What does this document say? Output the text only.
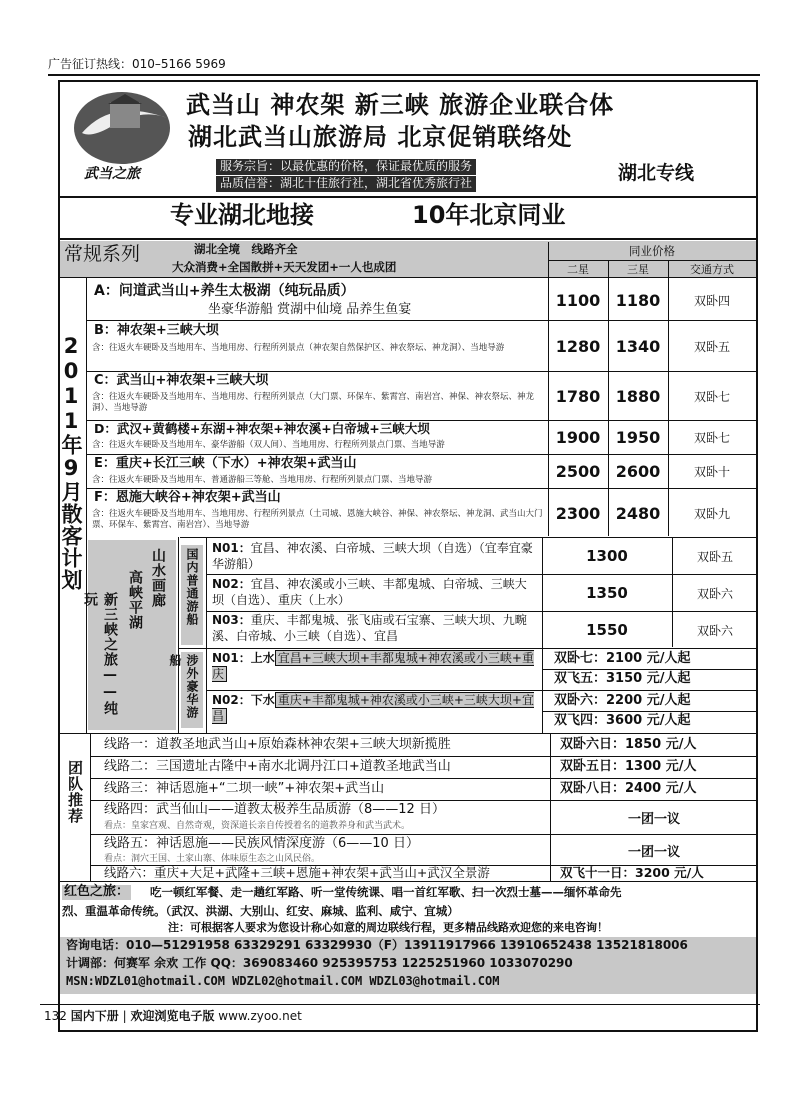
广告征订热线：010–5166 5969
武当之旅
武当山 神农架 新三峡 旅游企业联合体
湖北武当山旅游局 北京促销联络处
服务宗旨：以最优惠的价格，保证最优质的服务
品质信誉：湖北十佳旅行社，湖北省优秀旅行社	湖北专线
专业湖北地接	10年北京同业
常规系列	湖北全境　线路齐全
大众消费+全国散拼+天天发团+一人也成团
同业价格
二星	三星	交通方式
2011年9月散客计划
A：问道武当山+养生太极湖（纯玩品质）
坐豪华游船 赏湖中仙境 品养生鱼宴	1100 1180	双卧四
B：神农架+三峡大坝
含：往返火车硬卧及当地用车、当地用房、行程所列景点（神农架自然保护区、神农祭坛、神龙洞）、当地导游	1280 1340	双卧五
C：武当山+神农架+三峡大坝
含：往返火车硬卧及当地用车、当地用房、行程所列景点（大门票、环保车、紫霄宫、南岩宫、神保、神农祭坛、神龙洞）、当地导游
1780 1880	双卧七
D：武汉+黄鹤楼+东湖+神农架+神农溪+白帝城+三峡大坝
含：往返火车硬卧及当地用车、豪华游船（双人间）、当地用房、行程所列景点门票、当地导游	1900 1950	双卧七
E：重庆+长江三峡（下水）+神农架+武当山
含：往返火车硬卧及当地用车、普通游船三等舱、当地用房、行程所列景点门票、当地导游	2500 2600	双卧十
F：恩施大峡谷+神农架+武当山
含：往返火车硬卧及当地用车、当地用房、行程所列景点（土司城、恩施大峡谷、神保、神农祭坛、神龙洞、武当山大门票、环保车、紫霄宫、南岩宫）、当地导游
2300 2480	双卧九
山水画廊
高峡平湖
新三峡之旅——纯玩	国内普通游船
涉外豪华游船
N01：宜昌、神农溪、白帝城、三峡大坝（自选）（宜奉宜豪华游船）	1300	双卧五
N02：宜昌、神农溪或小三峡、丰都鬼城、白帝城、三峡大坝（自选）、重庆（上水）	1350	双卧六
N03：重庆、丰都鬼城、张飞庙或石宝寨、三峡大坝、九畹溪、白帝城、小三峡（自选）、宜昌	1550	双卧六
N01：上水 宜昌+三峡大坝+丰都鬼城+神农溪或小三峡+重庆
双卧七：2100 元/人起
双飞五：3150 元/人起
N02：下水 重庆+丰都鬼城+神农溪或小三峡+三峡大坝+宜昌
双卧六：2200 元/人起
双飞四：3600 元/人起
团队推荐
线路一：道教圣地武当山+原始森林神农架+三峡大坝新揽胜	双卧六日：1850 元/人
线路二：三国遗址古隆中+南水北调丹江口+道教圣地武当山	双卧五日：1300 元/人
线路三：神话恩施+“二坝一峡”+神农架+武当山	双卧八日：2400 元/人
线路四：武当仙山——道教太极养生品质游（8——12 日）
看点：皇家宫观、自然奇观，资深道长亲自传授着名的道教养身和武当武术。	一团一议
线路五：神话恩施——民族风情深度游（6——10 日）
看点：洞穴王国、土家山寨、体味原生态之山风民俗。	一团一议
线路六：重庆+大足+武隆+三峡+恩施+神农架+武当山+武汉全景游	双飞十一日：3200 元/人
红色之旅： 吃一顿红军餐、走一趟红军路、听一堂传统课、唱一首红军歌、扫一次烈士墓——缅怀革命先
烈、重温革命传统。（武汉、洪湖、大别山、红安、麻城、监利、咸宁、宜城）
注：可根据客人要求为您设计称心如意的周边联线行程，更多精品线路欢迎您的来电咨询！
咨询电话：010—51291958 63329291 63329930（F）13911917966 13910652438 13521818006
计调部：何赛军 余欢 工作 QQ：369083460 925395753 1225251960 1033070290
MSN:WDZL01@hotmail.COM WDZL02@hotmail.COM WDZL03@hotmail.COM
132 国内下册 | 欢迎浏览电子版 www.zyoo.net
